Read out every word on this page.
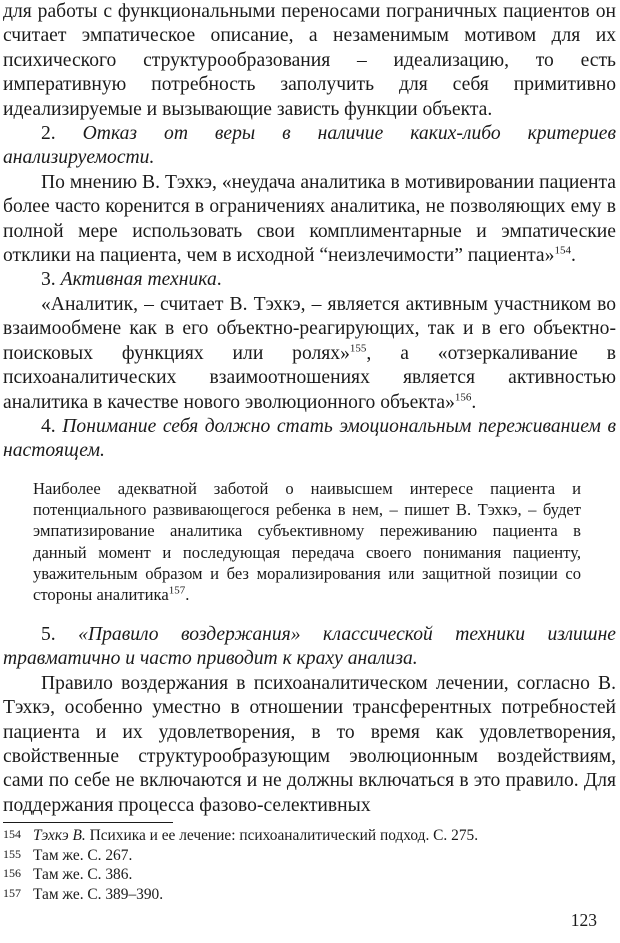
для работы с функциональными переносами пограничных пациентов он считает эмпатическое описание, а незаменимым мотивом для их психического структурообразования – идеализацию, то есть императивную потребность заполучить для себя примитивно идеализируемые и вызывающие зависть функции объекта.

2. Отказ от веры в наличие каких-либо критериев анализируемости.

По мнению В. Тэхкэ, «неудача аналитика в мотивировании пациента более часто коренится в ограничениях аналитика, не позволяющих ему в полной мере использовать свои комплиментарные и эмпатические отклики на пациента, чем в исходной “неизлечимости” пациента»$^{154}$.

3. Активная техника.

«Аналитик, – считает В. Тэхкэ, – является активным участником во взаимообмене как в его объектно-реагирующих, так и в его объектно-поисковых функциях или ролях»$^{155}$, а «отзеркаливание в психоаналитических взаимоотношениях является активностью аналитика в качестве нового эволюционного объекта»$^{156}$.

4. Понимание себя должно стать эмоциональным переживанием в настоящем.

Наиболее адекватной заботой о наивысшем интересе пациента и потенциального развивающегося ребенка в нем, – пишет В. Тэхкэ, – будет эмпатизирование аналитика субъективному переживанию пациента в данный момент и последующая передача своего понимания пациенту, уважительным образом и без морализирования или защитной позиции со стороны аналитика$^{157}$.

5. «Правило воздержания» классической техники излишне травматично и часто приводит к краху анализа.

Правило воздержания в психоаналитическом лечении, согласно В. Тэхкэ, особенно уместно в отношении трансферентных потребностей пациента и их удовлетворения, в то время как удовлетворения, свойственные структурообразующим эволюционным воздействиям, сами по себе не включаются и не должны включаться в это правило. Для поддержания процесса фазово-селективных

154 Тэхкэ В. Психика и ее лечение: психоаналитический подход. С. 275.

155 Там же. С. 267.

156 Там же. С. 386.

157 Там же. С. 389–390.

123
